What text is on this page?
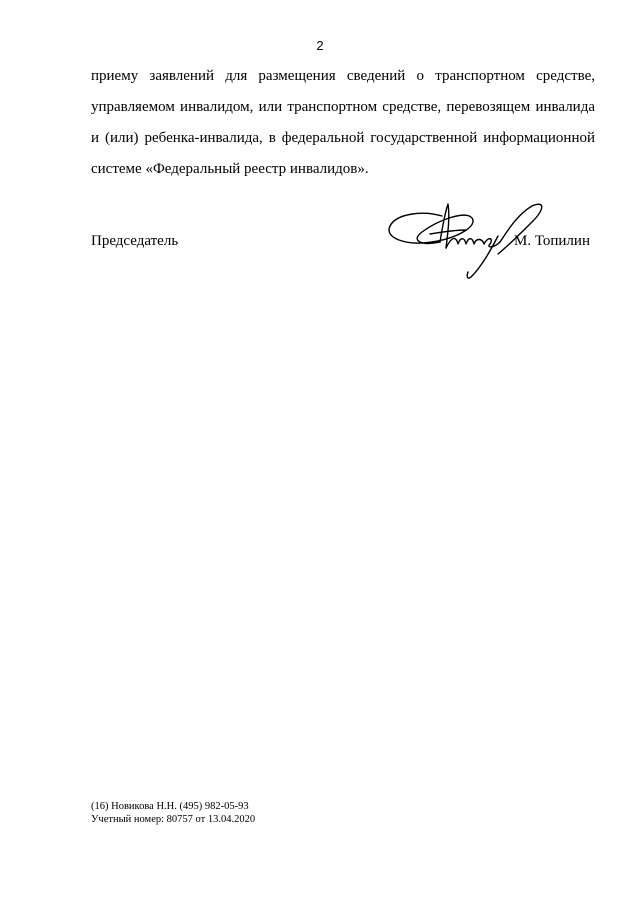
2
приему заявлений для размещения сведений о транспортном средстве,
управляемом инвалидом, или транспортном средстве, перевозящем инвалида
и (или) ребенка-инвалида, в федеральной государственной информационной
системе «Федеральный реестр инвалидов».
Председатель	М. Топилин
(16) Новикова Н.Н. (495) 982-05-93
Учетный номер: 80757 от 13.04.2020
